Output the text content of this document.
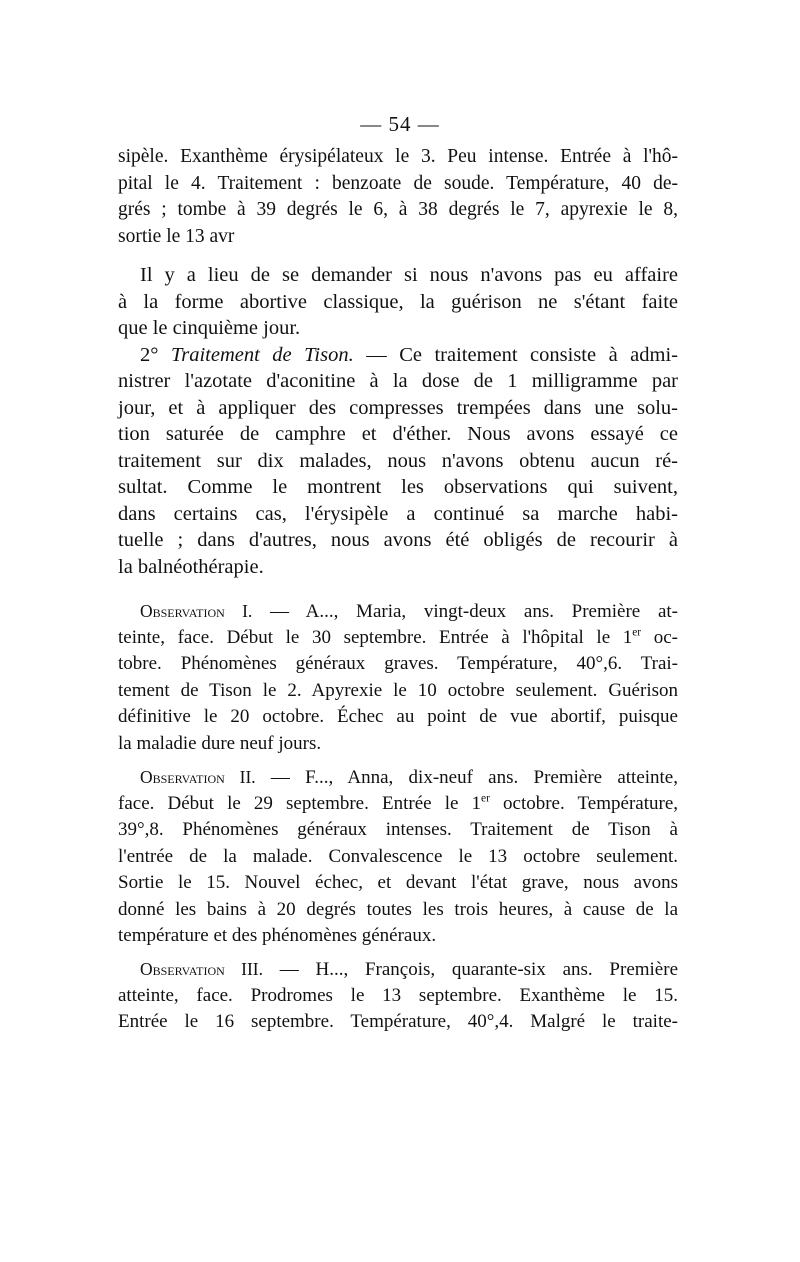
— 54 —
sipèle. Exanthème érysipélateux le 3. Peu intense. Entrée à l'hô-
pital le 4. Traitement : benzoate de soude. Température, 40 de-
grés ; tombe à 39 degrés le 6, à 38 degrés le 7, apyrexie le 8,
sortie le 13 avr
Il y a lieu de se demander si nous n'avons pas eu affaire
à la forme abortive classique, la guérison ne s'étant faite
que le cinquième jour.
2° Traitement de Tison. — Ce traitement consiste à admi-
nistrer l'azotate d'aconitine à la dose de 1 milligramme par
jour, et à appliquer des compresses trempées dans une solu-
tion saturée de camphre et d'éther. Nous avons essayé ce
traitement sur dix malades, nous n'avons obtenu aucun ré-
sultat. Comme le montrent les observations qui suivent,
dans certains cas, l'érysipèle a continué sa marche habi-
tuelle ; dans d'autres, nous avons été obligés de recourir à
la balnéothérapie.
Observation I. — A..., Maria, vingt-deux ans. Première at-
teinte, face. Début le 30 septembre. Entrée à l'hôpital le 1er oc-
tobre. Phénomènes généraux graves. Température, 40°,6. Trai-
tement de Tison le 2. Apyrexie le 10 octobre seulement. Guérison
définitive le 20 octobre. Échec au point de vue abortif, puisque
la maladie dure neuf jours.
Observation II. — F..., Anna, dix-neuf ans. Première atteinte,
face. Début le 29 septembre. Entrée le 1er octobre. Température,
39°,8. Phénomènes généraux intenses. Traitement de Tison à
l'entrée de la malade. Convalescence le 13 octobre seulement.
Sortie le 15. Nouvel échec, et devant l'état grave, nous avons
donné les bains à 20 degrés toutes les trois heures, à cause de la
température et des phénomènes généraux.
Observation III. — H..., François, quarante-six ans. Première
atteinte, face. Prodromes le 13 septembre. Exanthème le 15.
Entrée le 16 septembre. Température, 40°,4. Malgré le traite-
